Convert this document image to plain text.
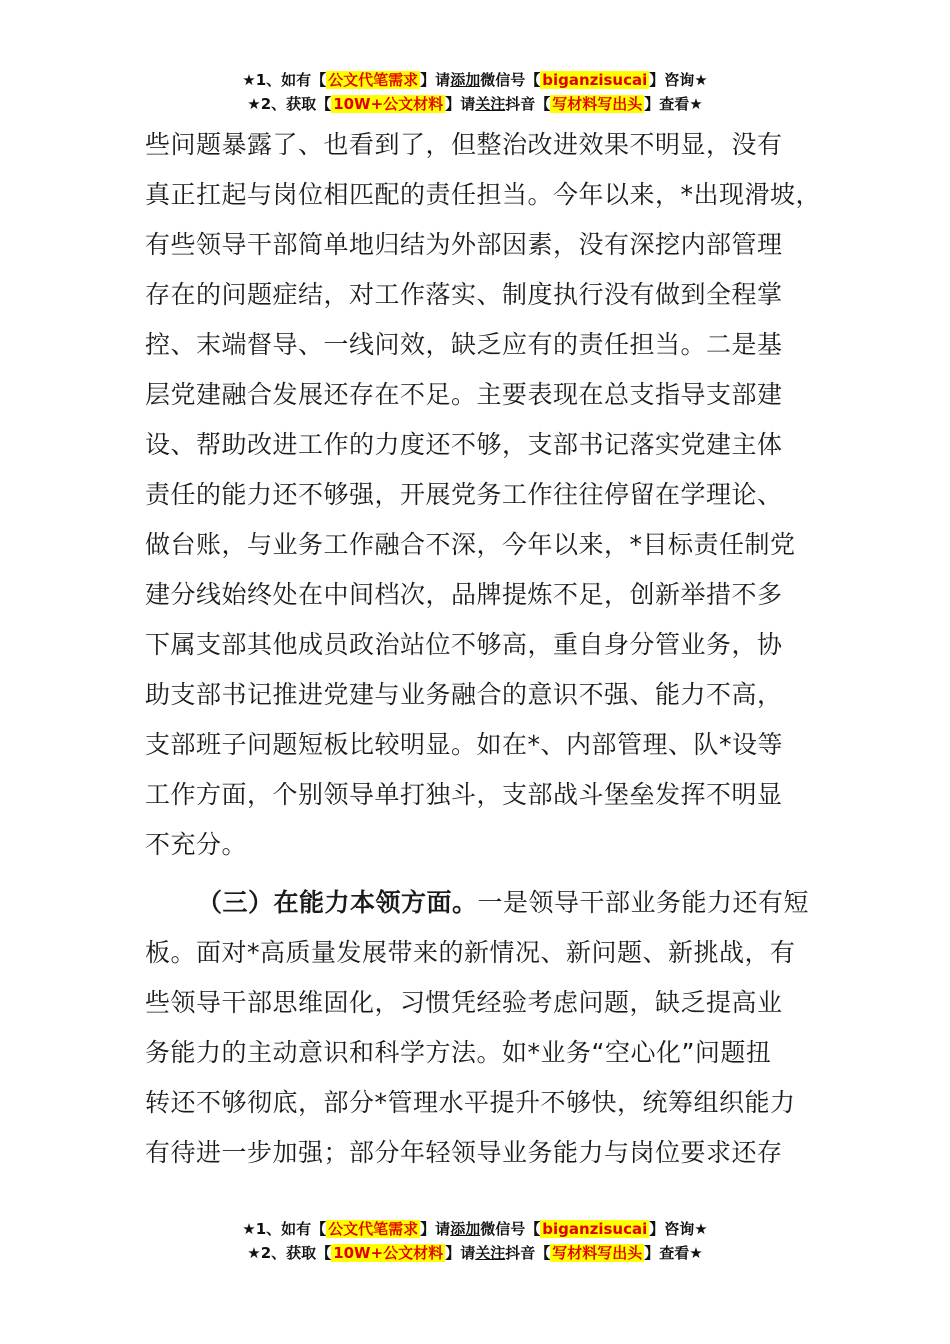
★1、如有【 公文代笔需求 】请添加微信号【 biganzisucai 】咨询★
★2、获取【 10W+公文材料 】请关注抖音【 写材料写出头 】查看★
些问题暴露了、也看到了，但整治改进效果不明显，没有
真正扛起与岗位相匹配的责任担当。今年以来，*出现滑坡，
有些领导干部简单地归结为外部因素，没有深挖内部管理
存在的问题症结，对工作落实、制度执行没有做到全程掌
控、末端督导、一线问效，缺乏应有的责任担当。二是基
层党建融合发展还存在不足。主要表现在总支指导支部建
设、帮助改进工作的力度还不够，支部书记落实党建主体
责任的能力还不够强，开展党务工作往往停留在学理论、
做台账，与业务工作融合不深，今年以来，*目标责任制党
建分线始终处在中间档次，品牌提炼不足，创新举措不多
下属支部其他成员政治站位不够高，重自身分管业务，协
助支部书记推进党建与业务融合的意识不强、能力不高，
支部班子问题短板比较明显。如在*、内部管理、队*设等
工作方面，个别领导单打独斗，支部战斗堡垒发挥不明显
不充分。
（三）在能力本领方面。一是领导干部业务能力还有短
板。面对*高质量发展带来的新情况、新问题、新挑战，有
些领导干部思维固化，习惯凭经验考虑问题，缺乏提高业
务能力的主动意识和科学方法。如*业务“空心化”问题扭
转还不够彻底，部分*管理水平提升不够快，统筹组织能力
有待进一步加强；部分年轻领导业务能力与岗位要求还存
★1、如有【 公文代笔需求 】请添加微信号【 biganzisucai 】咨询★
★2、获取【 10W+公文材料 】请关注抖音【 写材料写出头 】查看★
